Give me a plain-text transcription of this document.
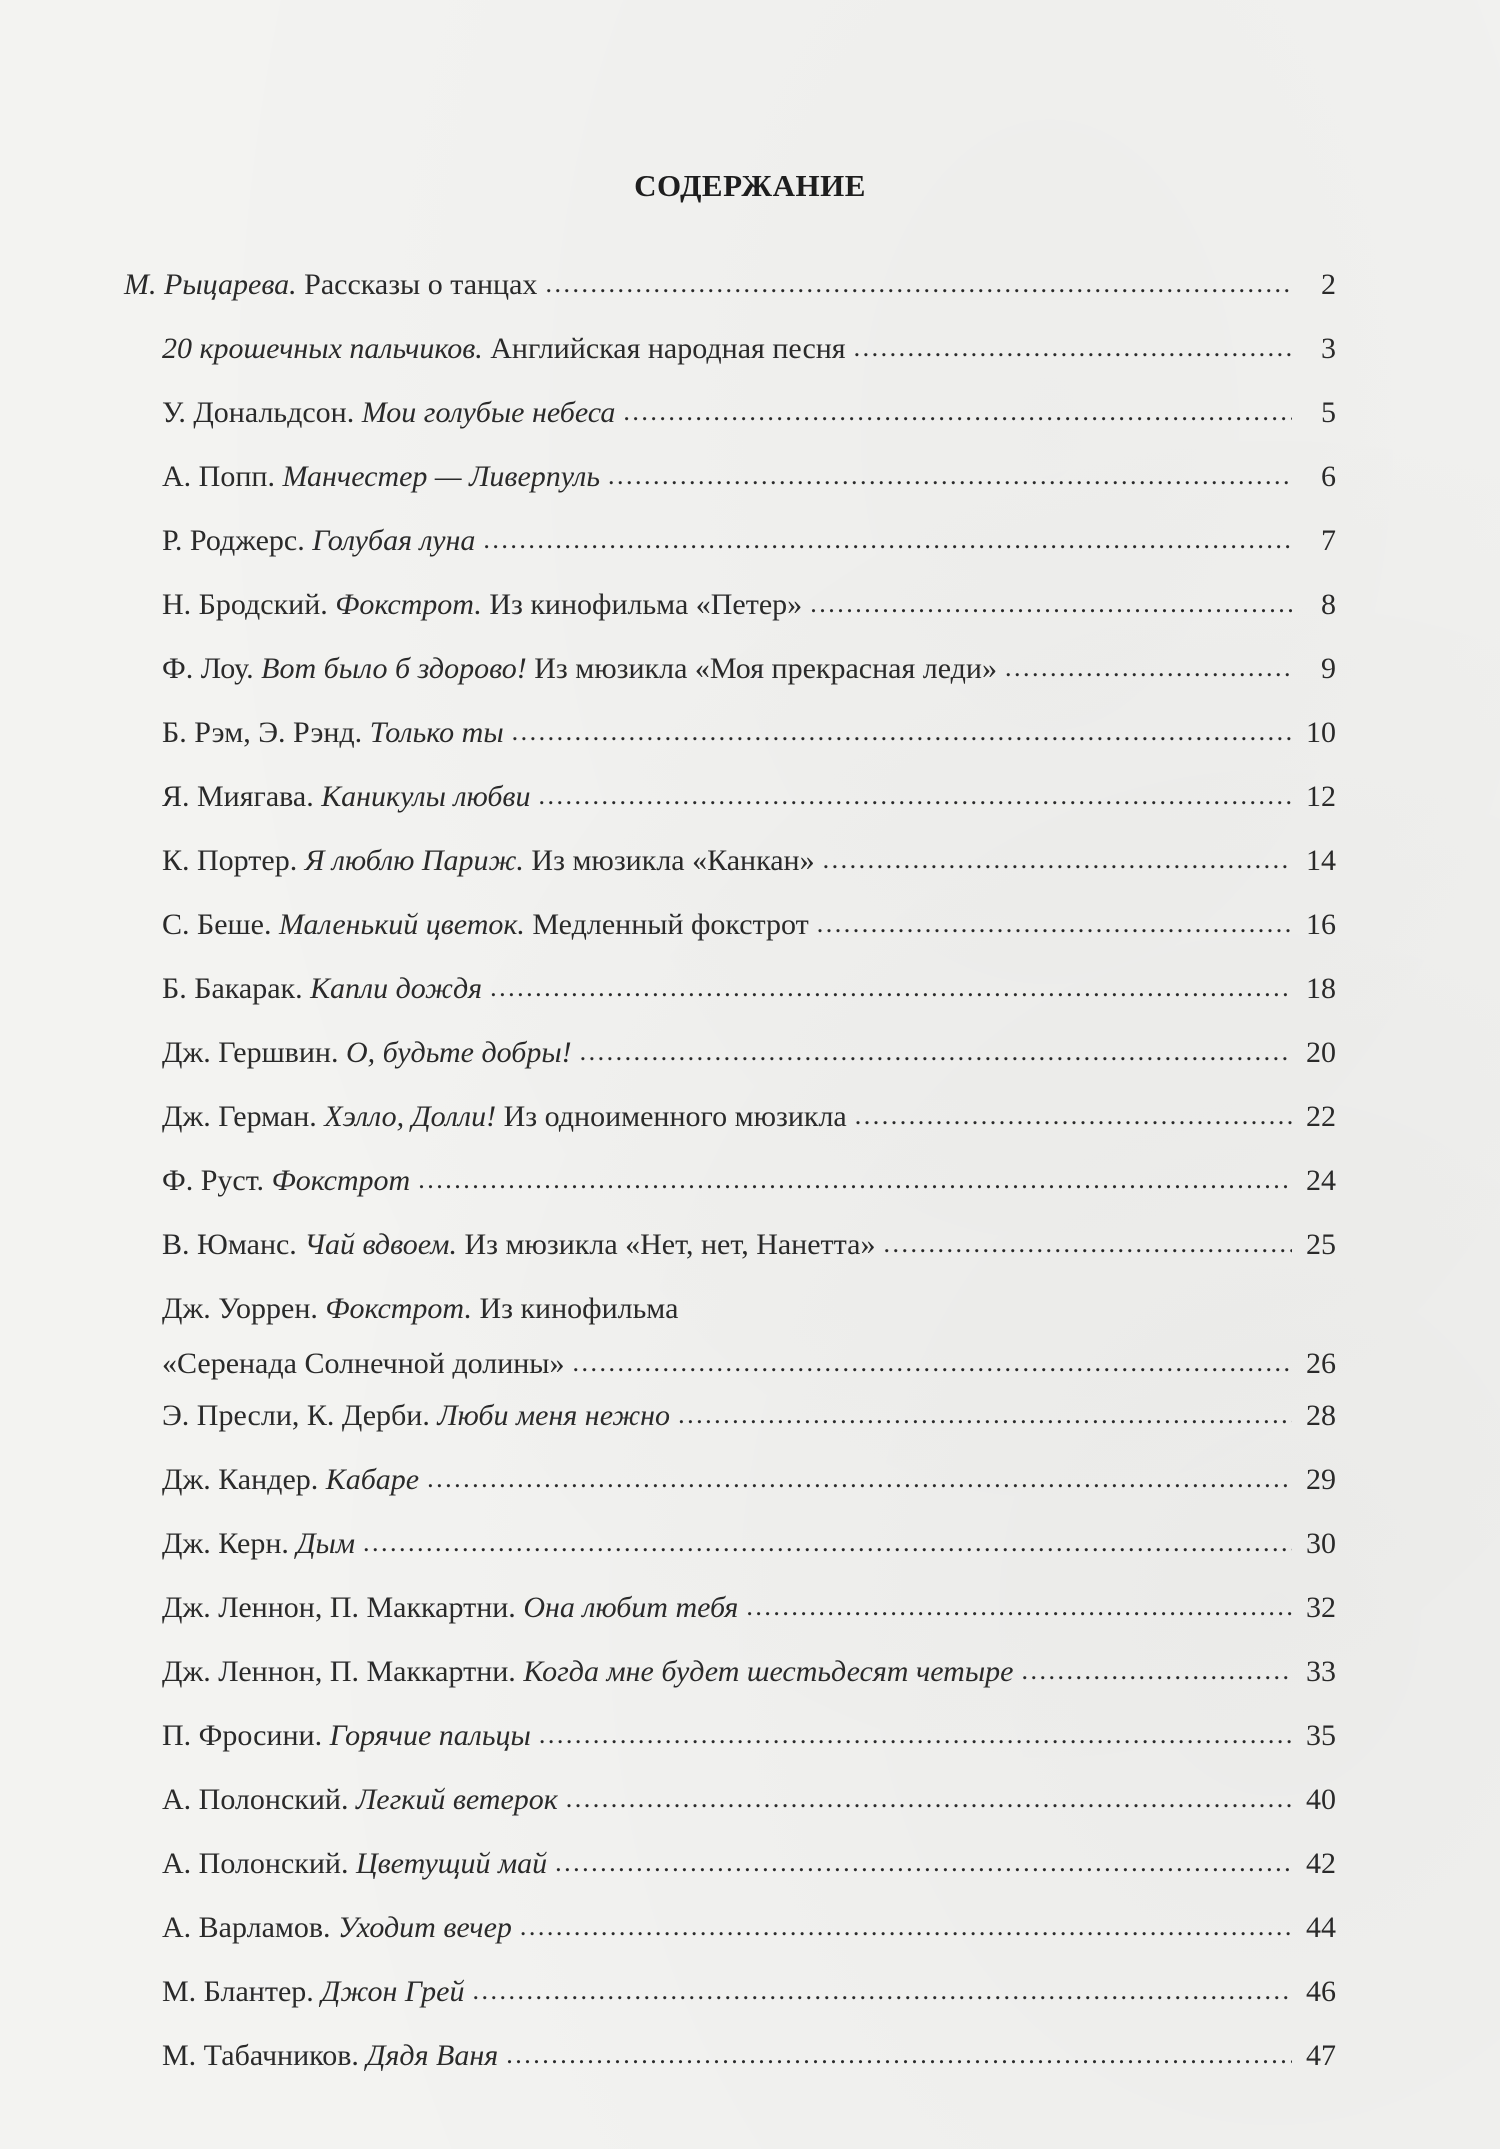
СОДЕРЖАНИЕ
М. Рыцарева. Рассказы о танцах . . .	2
20 крошечных пальчиков. Английская народная песня . . .	3
У. Дональдсон. Мои голубые небеса . . .	5
А. Попп. Манчестер — Ливерпуль . . .	6
Р. Роджерс. Голубая луна . . .	7
Н. Бродский. Фокстрот. Из кинофильма «Петер» . . .	8
Ф. Лоу. Вот было б здорово! Из мюзикла «Моя прекрасная леди» . . .	9
Б. Рэм, Э. Рэнд. Только ты . . .	10
Я. Миягава. Каникулы любви . . .	12
К. Портер. Я люблю Париж. Из мюзикла «Канкан» . . .	14
С. Беше. Маленький цветок. Медленный фокстрот . . .	16
Б. Бакарак. Капли дождя . . .	18
Дж. Гершвин. О, будьте добры! . . .	20
Дж. Герман. Хэлло, Долли! Из одноименного мюзикла . . .	22
Ф. Руст. Фокстрот . . .	24
В. Юманс. Чай вдвоем. Из мюзикла «Нет, нет, Нанетта» . . .	25
Дж. Уоррен. Фокстрот. Из кинофильма
«Серенада Солнечной долины» . . .	26
Э. Пресли, К. Дерби. Люби меня нежно . . .	28
Дж. Кандер. Кабаре . . .	29
Дж. Керн. Дым . . .	30
Дж. Леннон, П. Маккартни. Она любит тебя . . .	32
Дж. Леннон, П. Маккартни. Когда мне будет шестьдесят четыре . . .	33
П. Фросини. Горячие пальцы . . .	35
А. Полонский. Легкий ветерок . . .	40
А. Полонский. Цветущий май . . .	42
А. Варламов. Уходит вечер . . .	44
М. Блантер. Джон Грей . . .	46
М. Табачников. Дядя Ваня . . .	47
